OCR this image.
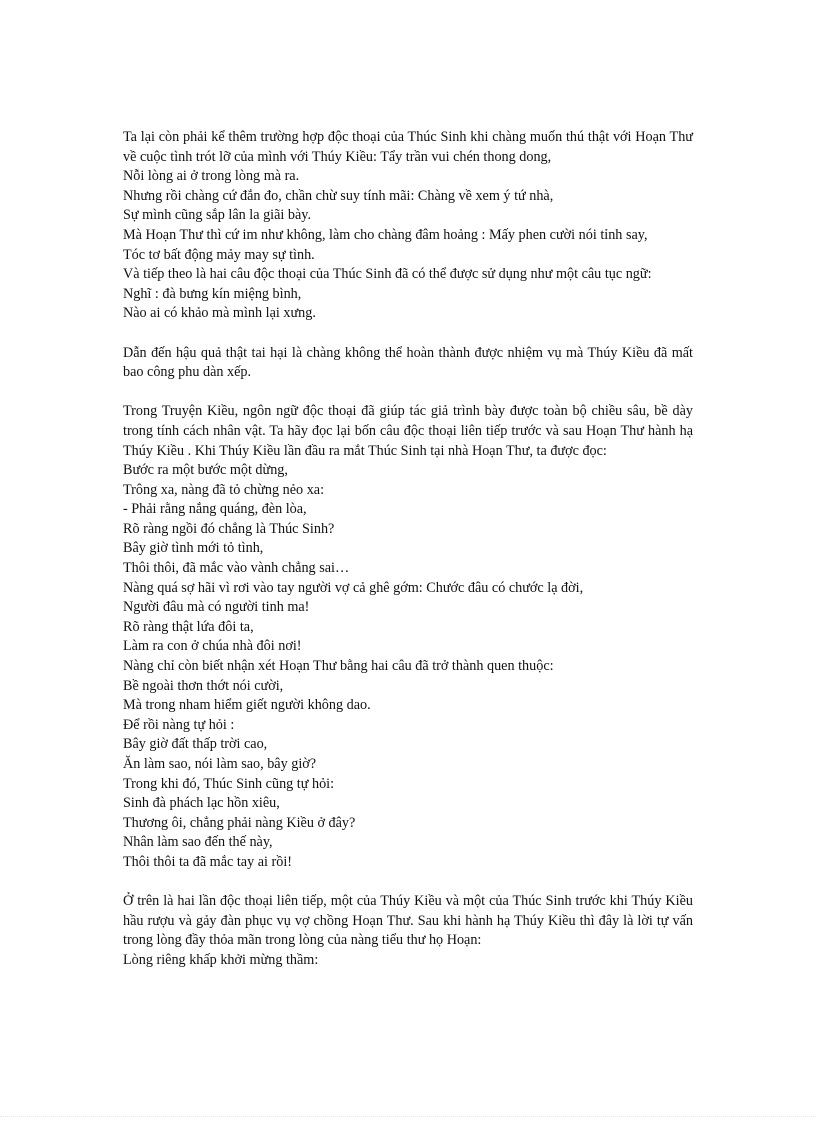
Ta lại còn phải kể thêm trường hợp độc thoại của Thúc Sinh khi chàng muốn thú thật với Hoạn Thư về cuộc tình trót lỡ của mình với Thúy Kiều: Tẩy trần vui chén thong dong,
Nỗi lòng ai ở trong lòng mà ra.
Nhưng rồi chàng cứ đắn đo, chần chừ suy tính mãi: Chàng về xem ý tứ nhà,
Sự mình cũng sắp lân la giãi bày.
Mà Hoạn Thư thì cứ im như không, làm cho chàng đâm hoảng : Mấy phen cười nói tỉnh say,
Tóc tơ bất động mảy may sự tình.
Và tiếp theo là hai câu độc thoại của Thúc Sinh đã có thể được sử dụng như một câu tục ngữ:
Nghĩ : đà bưng kín miệng bình,
Nào ai có khảo mà mình lại xưng.
Dẫn đến hậu quả thật tai hại là chàng không thể hoàn thành được nhiệm vụ mà Thúy Kiều đã mất bao công phu dàn xếp.
Trong Truyện Kiều, ngôn ngữ độc thoại đã giúp tác giả trình bày được toàn bộ chiều sâu, bề dày trong tính cách nhân vật. Ta hãy đọc lại bốn câu độc thoại liên tiếp trước và sau Hoạn Thư hành hạ Thúy Kiều . Khi Thúy Kiều lần đầu ra mắt Thúc Sinh tại nhà Hoạn Thư, ta được đọc:
Bước ra một bước một dừng,
Trông xa, nàng đã tỏ chừng nẻo xa:
- Phải rằng nắng quáng, đèn lòa,
Rõ ràng ngồi đó chẳng là Thúc Sinh?
Bây giờ tình mới tỏ tình,
Thôi thôi, đã mắc vào vành chẳng sai…
Nàng quá sợ hãi vì rơi vào tay người vợ cả ghê gớm: Chước đâu có chước lạ đời,
Người đâu mà có người tinh ma!
Rõ ràng thật lứa đôi ta,
Làm ra con ở chúa nhà đôi nơi!
Nàng chỉ còn biết nhận xét Hoạn Thư bằng hai câu đã trở thành quen thuộc:
Bề ngoài thơn thớt nói cười,
Mà trong nham hiểm giết người không dao.
Để rồi nàng tự hỏi :
Bây giờ đất thấp trời cao,
Ăn làm sao, nói làm sao, bây giờ?
Trong khi đó, Thúc Sinh cũng tự hỏi:
Sinh đà phách lạc hồn xiêu,
Thương ôi, chẳng phải nàng Kiều ở đây?
Nhân làm sao đến thế này,
Thôi thôi ta đã mắc tay ai rồi!
Ở trên là hai lần độc thoại liên tiếp, một của Thúy Kiều và một của Thúc Sinh trước khi Thúy Kiều hầu rượu và gảy đàn phục vụ vợ chồng Hoạn Thư. Sau khi hành hạ Thúy Kiều thì đây là lời tự vấn trong lòng đầy thỏa mãn trong lòng của nàng tiểu thư họ Hoạn:
Lòng riêng khấp khởi mừng thầm:
